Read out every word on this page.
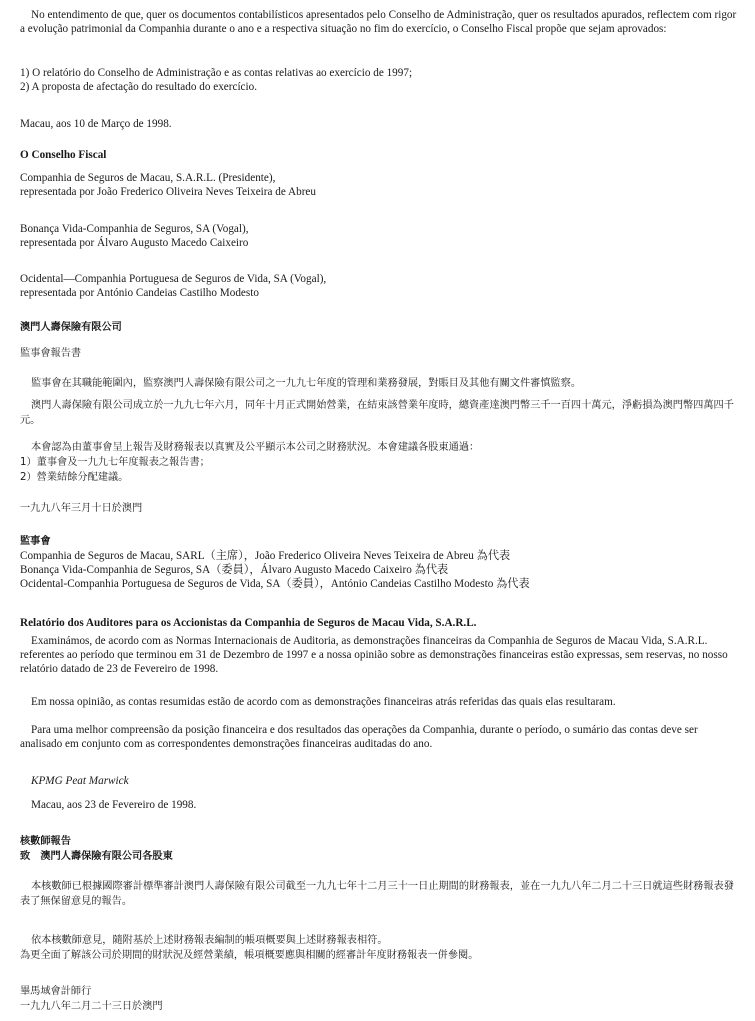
No entendimento de que, quer os documentos contabilísticos apresentados pelo Conselho de Administração, quer os resultados apurados, reflectem com rigor a evolução patrimonial da Companhia durante o ano e a respectiva situação no fim do exercício, o Conselho Fiscal propõe que sejam aprovados:

1) O relatório do Conselho de Administração e as contas relativas ao exercício de 1997;

2) A proposta de afectação do resultado do exercício.

Macau, aos 10 de Março de 1998.

O Conselho Fiscal

Companhia de Seguros de Macau, S.A.R.L. (Presidente),

representada por João Frederico Oliveira Neves Teixeira de Abreu

Bonança Vida-Companhia de Seguros, SA (Vogal),

representada por Álvaro Augusto Macedo Caixeiro

Ocidental—Companhia Portuguesa de Seguros de Vida, SA (Vogal),

representada por António Candeias Castilho Modesto

澳門人壽保險有限公司

監事會報告書

監事會在其職能範圍內，監察澳門人壽保險有限公司之一九九七年度的管理和業務發展，對賬目及其他有關文件審慎監察。

澳門人壽保險有限公司成立於一九九七年六月，同年十月正式開始營業，在結束該營業年度時，總資產達澳門幣三千一百四十萬元，淨虧損為澳門幣四萬四千元。

本會認為由董事會呈上報告及財務報表以真實及公平顯示本公司之財務狀況。本會建議各股東通過：

1）董事會及一九九七年度報表之報告書；

2）營業結餘分配建議。

一九九八年三月十日於澳門

監事會

Companhia de Seguros de Macau, SARL（主席），João Frederico Oliveira Neves Teixeira de Abreu 為代表

Bonança Vida-Companhia de Seguros, SA（委員），Álvaro Augusto Macedo Caixeiro 為代表

Ocidental-Companhia Portuguesa de Seguros de Vida, SA（委員），António Candeias Castilho Modesto 為代表

Relatório dos Auditores para os Accionistas da Companhia de Seguros de Macau Vida, S.A.R.L.

Examinámos, de acordo com as Normas Internacionais de Auditoria, as demonstrações financeiras da Companhia de Seguros de Macau Vida, S.A.R.L. referentes ao período que terminou em 31 de Dezembro de 1997 e a nossa opinião sobre as demonstrações financeiras estão expressas, sem reservas, no nosso relatório datado de 23 de Fevereiro de 1998.

Em nossa opinião, as contas resumidas estão de acordo com as demonstrações financeiras atrás referidas das quais elas resultaram.

Para uma melhor compreensão da posição financeira e dos resultados das operações da Companhia, durante o período, o sumário das contas deve ser analisado em conjunto com as correspondentes demonstrações financeiras auditadas do ano.

KPMG Peat Marwick

Macau, aos 23 de Fevereiro de 1998.

核數師報告

致　澳門人壽保險有限公司各股東

本核數師已根據國際審計標準審計澳門人壽保險有限公司截至一九九七年十二月三十一日止期間的財務報表，並在一九九八年二月二十三日就這些財務報表發表了無保留意見的報告。

依本核數師意見，隨附基於上述財務報表編制的帳項概要與上述財務報表相符。

為更全面了解該公司於期間的財狀況及經營業績，帳項概要應與相關的經審計年度財務報表一併參閱。

畢馬域會計師行

一九九八年二月二十三日於澳門
